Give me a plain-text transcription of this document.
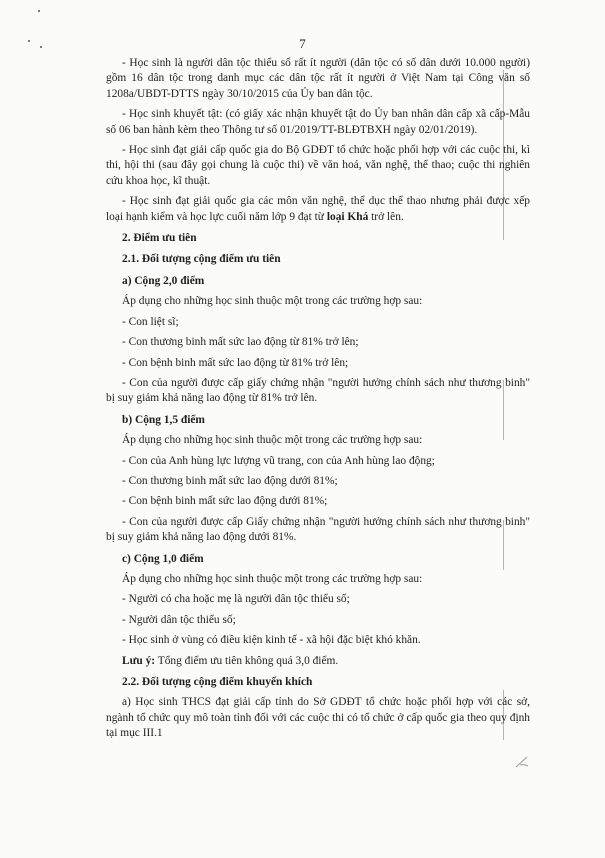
7

- Học sinh là người dân tộc thiểu số rất ít người (dân tộc có số dân dưới 10.000 người) gồm 16 dân tộc trong danh mục các dân tộc rất ít người ở Việt Nam tại Công văn số 1208a/UBDT-DTTS ngày 30/10/2015 của Ủy ban dân tộc.

- Học sinh khuyết tật: (có giấy xác nhận khuyết tật do Ủy ban nhân dân cấp xã cấp-Mẫu số 06 ban hành kèm theo Thông tư số 01/2019/TT-BLĐTBXH ngày 02/01/2019).

- Học sinh đạt giải cấp quốc gia do Bộ GDĐT tổ chức hoặc phối hợp với các cuộc thi, kì thi, hội thi (sau đây gọi chung là cuộc thi) về văn hoá, văn nghệ, thể thao; cuộc thi nghiên cứu khoa học, kĩ thuật.

- Học sinh đạt giải quốc gia các môn văn nghệ, thể dục thể thao nhưng phải được xếp loại hạnh kiểm và học lực cuối năm lớp 9 đạt từ loại Khá trở lên.

2. Điểm ưu tiên

2.1. Đối tượng cộng điểm ưu tiên

a) Cộng 2,0 điểm

Áp dụng cho những học sinh thuộc một trong các trường hợp sau:

- Con liệt sĩ;

- Con thương binh mất sức lao động từ 81% trở lên;

- Con bệnh binh mất sức lao động từ 81% trở lên;

- Con của người được cấp giấy chứng nhận "người hưởng chính sách như thương binh" bị suy giảm khả năng lao động từ 81% trở lên.

b) Cộng 1,5 điểm

Áp dụng cho những học sinh thuộc một trong các trường hợp sau:

- Con của Anh hùng lực lượng vũ trang, con của Anh hùng lao động;

- Con thương binh mất sức lao động dưới 81%;

- Con bệnh binh mất sức lao động dưới 81%;

- Con của người được cấp Giấy chứng nhận "người hưởng chính sách như thương binh" bị suy giảm khả năng lao động dưới 81%.

c) Cộng 1,0 điểm

Áp dụng cho những học sinh thuộc một trong các trường hợp sau:

- Người có cha hoặc mẹ là người dân tộc thiểu số;

- Người dân tộc thiểu số;

- Học sinh ở vùng có điều kiện kinh tế - xã hội đặc biệt khó khăn.

Lưu ý: Tổng điểm ưu tiên không quá 3,0 điểm.

2.2. Đối tượng cộng điểm khuyến khích

a) Học sinh THCS đạt giải cấp tỉnh do Sở GDĐT tổ chức hoặc phối hợp với các sở, ngành tổ chức quy mô toàn tỉnh đối với các cuộc thi có tổ chức ở cấp quốc gia theo quy định tại mục III.1
